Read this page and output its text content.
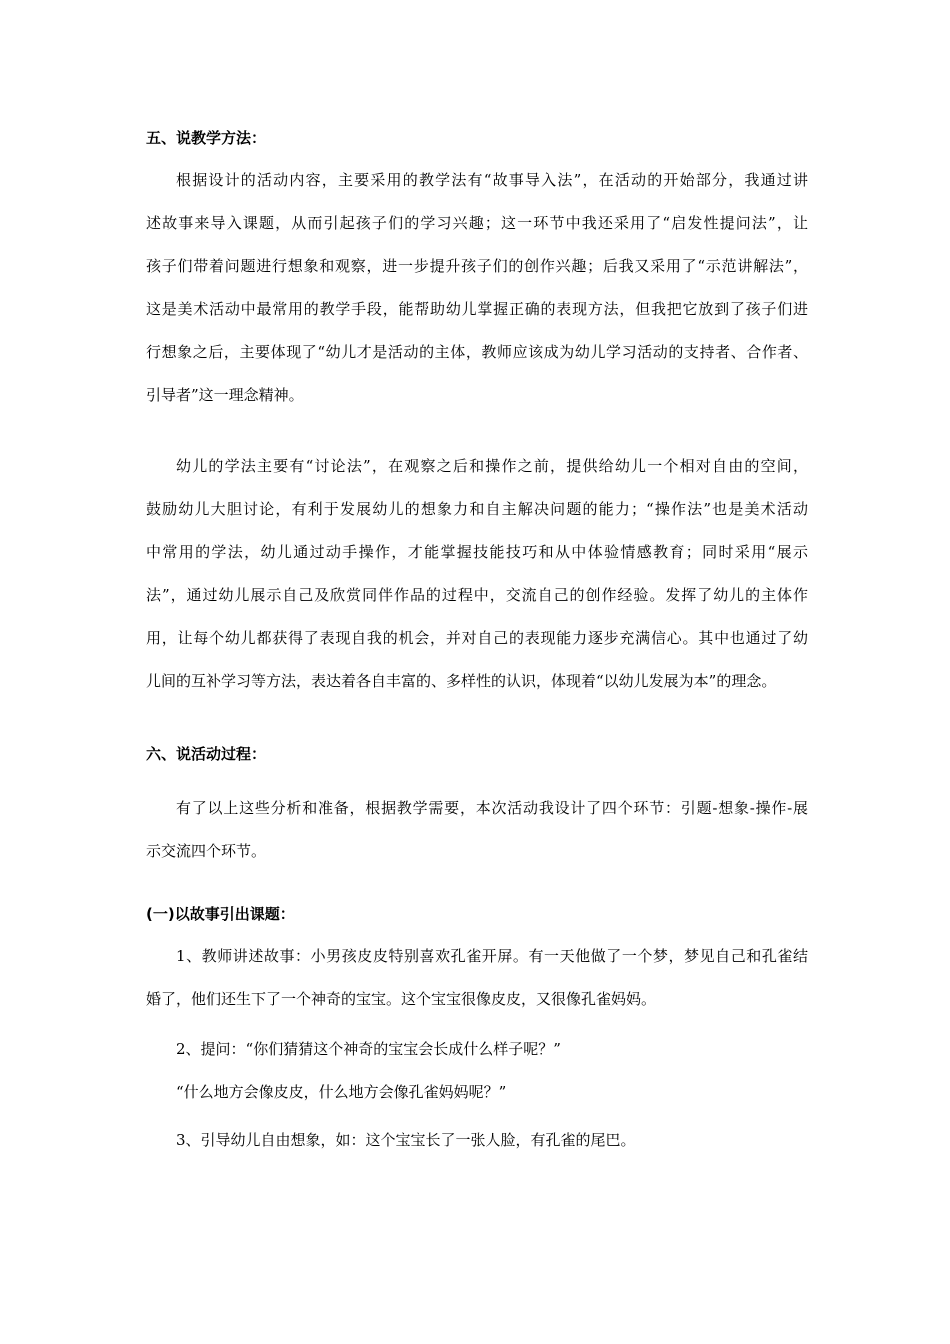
五、说教学方法：
根据设计的活动内容，主要采用的教学法有“故事导入法”，在活动的开始部分，我通过讲
述故事来导入课题，从而引起孩子们的学习兴趣；这一环节中我还采用了“启发性提问法”，让
孩子们带着问题进行想象和观察，进一步提升孩子们的创作兴趣；后我又采用了“示范讲解法”，
这是美术活动中最常用的教学手段，能帮助幼儿掌握正确的表现方法，但我把它放到了孩子们进
行想象之后，主要体现了“幼儿才是活动的主体，教师应该成为幼儿学习活动的支持者、合作者、
引导者”这一理念精神。
幼儿的学法主要有“讨论法”，在观察之后和操作之前，提供给幼儿一个相对自由的空间，
鼓励幼儿大胆讨论，有利于发展幼儿的想象力和自主解决问题的能力；“操作法”也是美术活动
中常用的学法，幼儿通过动手操作，才能掌握技能技巧和从中体验情感教育；同时采用“展示
法”，通过幼儿展示自己及欣赏同伴作品的过程中，交流自己的创作经验。发挥了幼儿的主体作
用，让每个幼儿都获得了表现自我的机会，并对自己的表现能力逐步充满信心。其中也通过了幼
儿间的互补学习等方法，表达着各自丰富的、多样性的认识，体现着“以幼儿发展为本”的理念。
六、说活动过程：
有了以上这些分析和准备，根据教学需要，本次活动我设计了四个环节：引题-想象-操作-展
示交流四个环节。
(一)以故事引出课题：
1、教师讲述故事：小男孩皮皮特别喜欢孔雀开屏。有一天他做了一个梦，梦见自己和孔雀结
婚了，他们还生下了一个神奇的宝宝。这个宝宝很像皮皮，又很像孔雀妈妈。
2、提问：“你们猜猜这个神奇的宝宝会长成什么样子呢？”
“什么地方会像皮皮，什么地方会像孔雀妈妈呢？”
3、引导幼儿自由想象，如：这个宝宝长了一张人脸，有孔雀的尾巴。
